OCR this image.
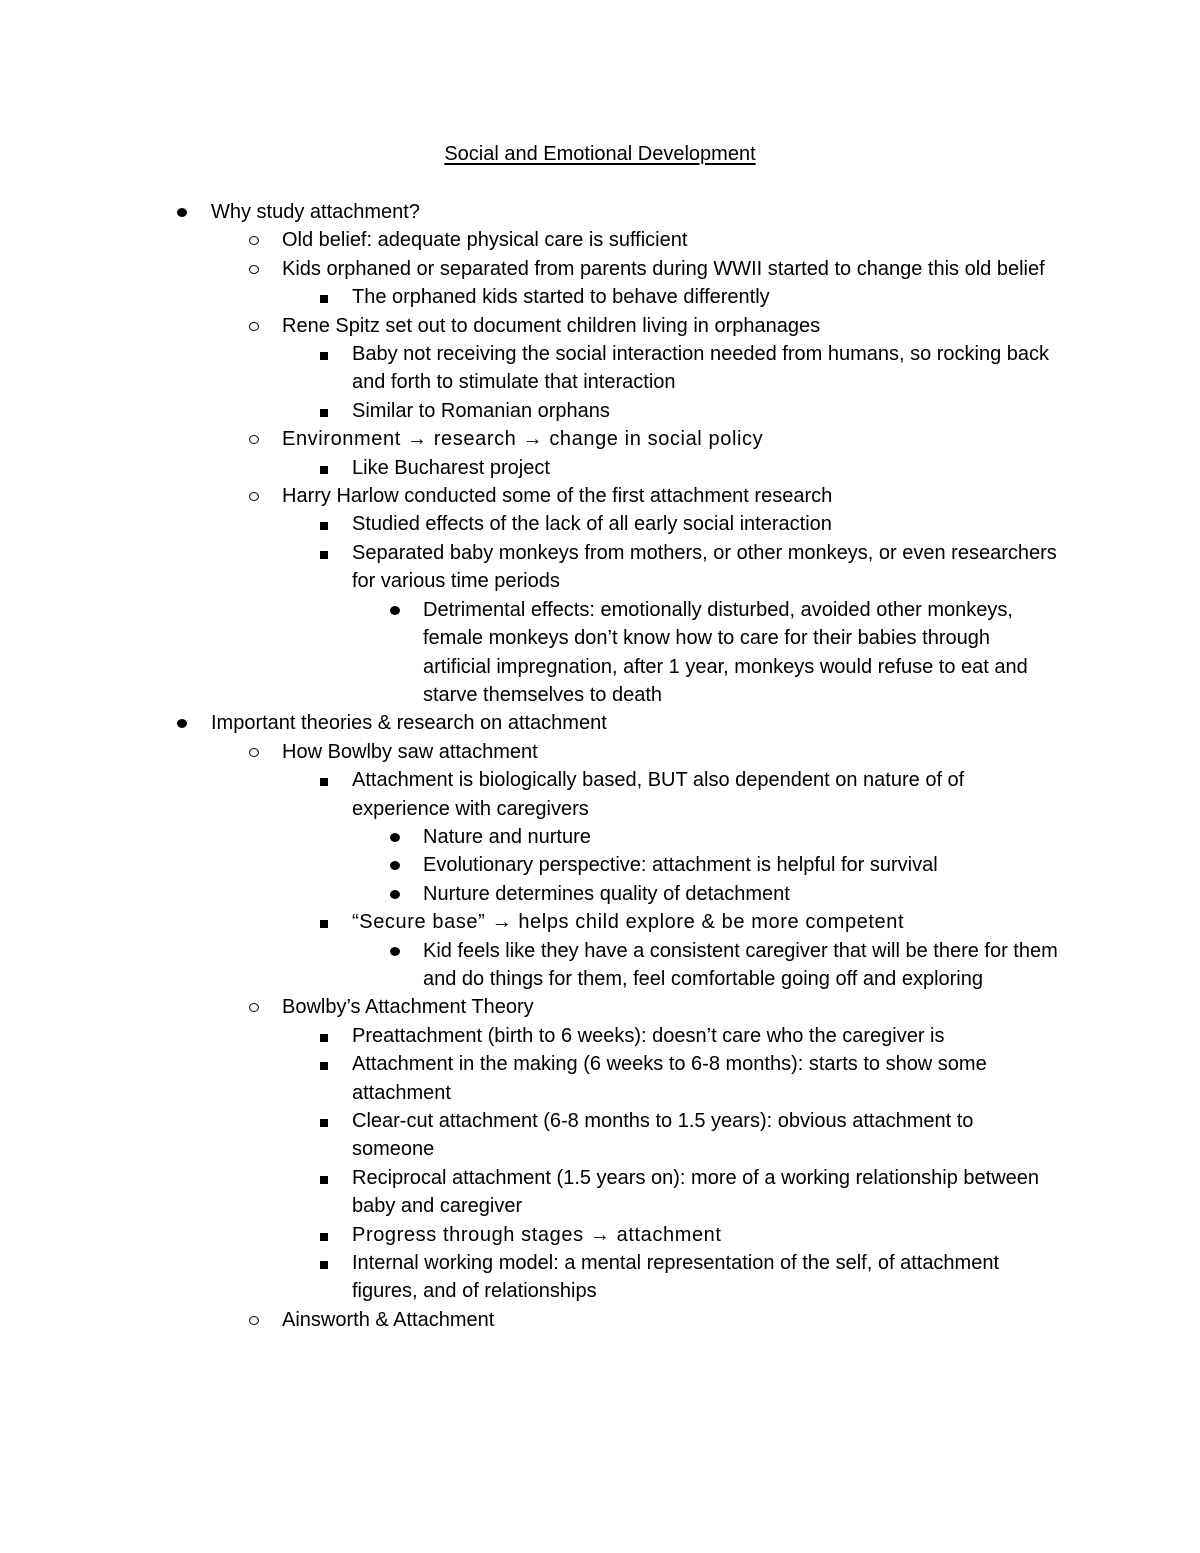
Social and Emotional Development
Why study attachment?
Old belief: adequate physical care is sufficient
Kids orphaned or separated from parents during WWII started to change this old belief
The orphaned kids started to behave differently
Rene Spitz set out to document children living in orphanages
Baby not receiving the social interaction needed from humans, so rocking back and forth to stimulate that interaction
Similar to Romanian orphans
Environment → research → change in social policy
Like Bucharest project
Harry Harlow conducted some of the first attachment research
Studied effects of the lack of all early social interaction
Separated baby monkeys from mothers, or other monkeys, or even researchers for various time periods
Detrimental effects: emotionally disturbed, avoided other monkeys, female monkeys don’t know how to care for their babies through artificial impregnation, after 1 year, monkeys would refuse to eat and starve themselves to death
Important theories & research on attachment
How Bowlby saw attachment
Attachment is biologically based, BUT also dependent on nature of of experience with caregivers
Nature and nurture
Evolutionary perspective: attachment is helpful for survival
Nurture determines quality of detachment
“Secure base” → helps child explore & be more competent
Kid feels like they have a consistent caregiver that will be there for them and do things for them, feel comfortable going off and exploring
Bowlby’s Attachment Theory
Preattachment (birth to 6 weeks): doesn’t care who the caregiver is
Attachment in the making (6 weeks to 6-8 months): starts to show some attachment
Clear-cut attachment (6-8 months to 1.5 years): obvious attachment to someone
Reciprocal attachment (1.5 years on): more of a working relationship between baby and caregiver
Progress through stages → attachment
Internal working model: a mental representation of the self, of attachment figures, and of relationships
Ainsworth & Attachment
